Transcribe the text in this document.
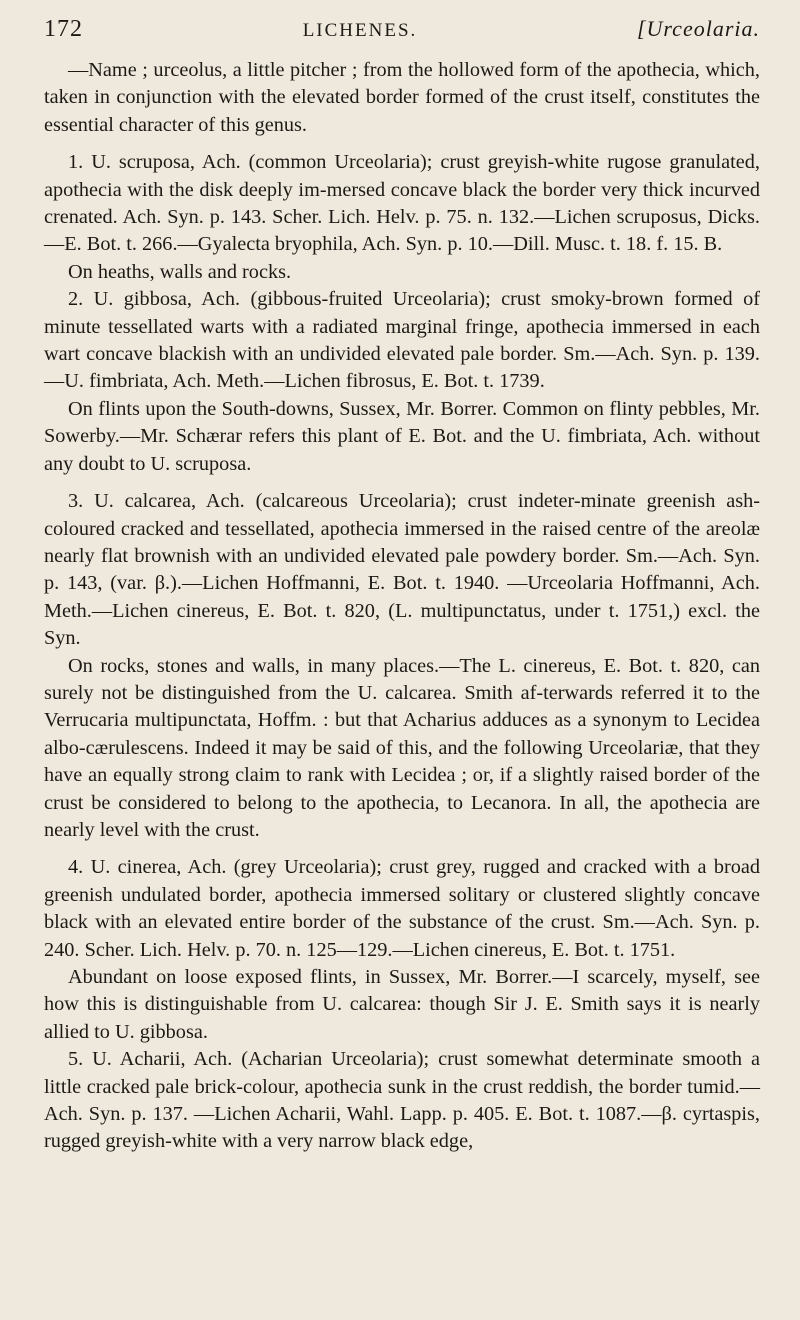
172	LICHENES.	[Urceolaria.

—Name ; urceolus, a little pitcher ; from the hollowed form of the apothecia, which, taken in conjunction with the elevated border formed of the crust itself, constitutes the essential character of this genus.

1. U. scruposa, Ach. (common Urceolaria); crust greyish-white rugose granulated, apothecia with the disk deeply im-mersed concave black the border very thick incurved crenated. Ach. Syn. p. 143. Scher. Lich. Helv. p. 75. n. 132.—Lichen scruposus, Dicks.—E. Bot. t. 266.—Gyalecta bryophila, Ach. Syn. p. 10.—Dill. Musc. t. 18. f. 15. B.

On heaths, walls and rocks.

2. U. gibbosa, Ach. (gibbous-fruited Urceolaria); crust smoky-brown formed of minute tessellated warts with a radiated marginal fringe, apothecia immersed in each wart concave blackish with an undivided elevated pale border. Sm.—Ach. Syn. p. 139.—U. fimbriata, Ach. Meth.—Lichen fibrosus, E. Bot. t. 1739.

On flints upon the South-downs, Sussex, Mr. Borrer. Common on flinty pebbles, Mr. Sowerby.—Mr. Schærar refers this plant of E. Bot. and the U. fimbriata, Ach. without any doubt to U. scruposa.

3. U. calcarea, Ach. (calcareous Urceolaria); crust indeter-minate greenish ash-coloured cracked and tessellated, apothecia immersed in the raised centre of the areolæ nearly flat brownish with an undivided elevated pale powdery border. Sm.—Ach. Syn. p. 143, (var. β.).—Lichen Hoffmanni, E. Bot. t. 1940. —Urceolaria Hoffmanni, Ach. Meth.—Lichen cinereus, E. Bot. t. 820, (L. multipunctatus, under t. 1751,) excl. the Syn.

On rocks, stones and walls, in many places.—The L. cinereus, E. Bot. t. 820, can surely not be distinguished from the U. calcarea. Smith af-terwards referred it to the Verrucaria multipunctata, Hoffm. : but that Acharius adduces as a synonym to Lecidea albo-cærulescens. Indeed it may be said of this, and the following Urceolariæ, that they have an equally strong claim to rank with Lecidea ; or, if a slightly raised border of the crust be considered to belong to the apothecia, to Lecanora. In all, the apothecia are nearly level with the crust.

4. U. cinerea, Ach. (grey Urceolaria); crust grey, rugged and cracked with a broad greenish undulated border, apothecia immersed solitary or clustered slightly concave black with an elevated entire border of the substance of the crust. Sm.—Ach. Syn. p. 240. Scher. Lich. Helv. p. 70. n. 125—129.—Lichen cinereus, E. Bot. t. 1751.

Abundant on loose exposed flints, in Sussex, Mr. Borrer.—I scarcely, myself, see how this is distinguishable from U. calcarea: though Sir J. E. Smith says it is nearly allied to U. gibbosa.

5. U. Acharii, Ach. (Acharian Urceolaria); crust somewhat determinate smooth a little cracked pale brick-colour, apothecia sunk in the crust reddish, the border tumid.—Ach. Syn. p. 137. —Lichen Acharii, Wahl. Lapp. p. 405. E. Bot. t. 1087.—β. cyrtaspis, rugged greyish-white with a very narrow black edge,
